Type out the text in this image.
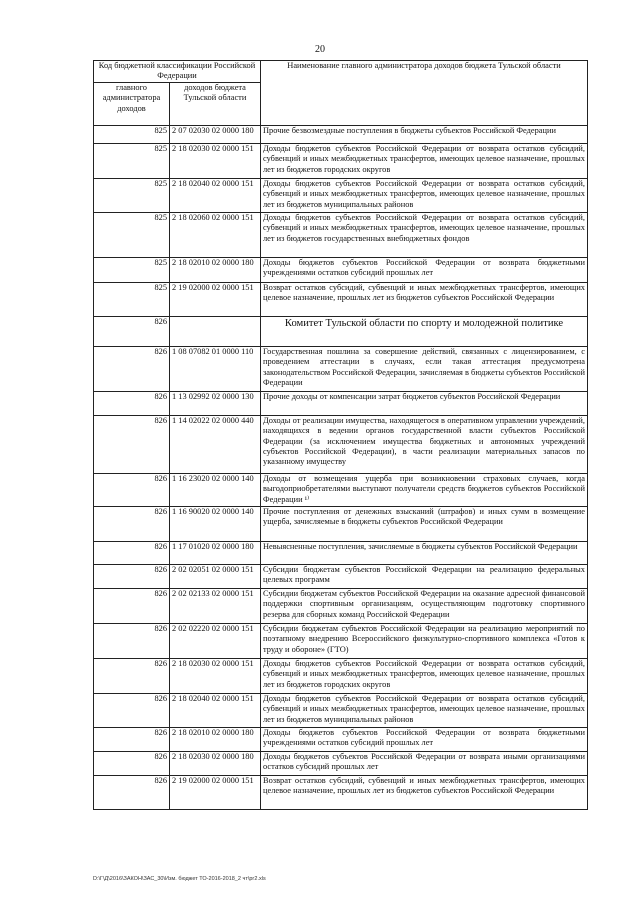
20
Код бюджетной классификации Российской Федерации		Наименование главного администратора доходов бюджета Тульской области
главного администратора доходов	доходов бюджета Тульской области	
825	2 07 02030 02 0000 180	Прочие безвозмездные поступления в бюджеты субъектов Российской Федерации
825	2 18 02030 02 0000 151	Доходы бюджетов субъектов Российской Федерации от возврата остатков субсидий, субвенций и иных межбюджетных трансфертов, имеющих целевое назначение, прошлых лет из бюджетов городских округов
825	2 18 02040 02 0000 151	Доходы бюджетов субъектов Российской Федерации от возврата остатков субсидий, субвенций и иных межбюджетных трансфертов, имеющих целевое назначение, прошлых лет из бюджетов муниципальных районов
825	2 18 02060 02 0000 151	Доходы бюджетов субъектов Российской Федерации от возврата остатков субсидий, субвенций и иных межбюджетных трансфертов, имеющих целевое назначение, прошлых лет из бюджетов государственных внебюджетных фондов
825	2 18 02010 02 0000 180	Доходы бюджетов субъектов Российской Федерации от возврата бюджетными учреждениями остатков субсидий прошлых лет
825	2 19 02000 02 0000 151	Возврат остатков субсидий, субвенций и иных межбюджетных трансфертов, имеющих целевое назначение, прошлых лет из бюджетов субъектов Российской Федерации
826		Комитет Тульской области по спорту и молодежной политике
826	1 08 07082 01 0000 110	Государственная пошлина за совершение действий, связанных с лицензированием, с проведением аттестации в случаях, если такая аттестация предусмотрена законодательством Российской Федерации, зачисляемая в бюджеты субъектов Российской Федерации
826	1 13 02992 02 0000 130	Прочие доходы от компенсации затрат бюджетов субъектов Российской Федерации
826	1 14 02022 02 0000 440	Доходы от реализации имущества, находящегося в оперативном управлении учреждений, находящихся в ведении органов государственной власти субъектов Российской Федерации (за исключением имущества бюджетных и автономных учреждений субъектов Российской Федерации), в части реализации материальных запасов по указанному имуществу
826	1 16 23020 02 0000 140	Доходы от возмещения ущерба при возникновении страховых случаев, когда выгодоприобретателями выступают получатели средств бюджетов субъектов Российской Федерации ¹⁾
826	1 16 90020 02 0000 140	Прочие поступления от денежных взысканий (штрафов) и иных сумм в возмещение ущерба, зачисляемые в бюджеты субъектов Российской Федерации
826	1 17 01020 02 0000 180	Невыясненные поступления, зачисляемые в бюджеты субъектов Российской Федерации
826	2 02 02051 02 0000 151	Субсидии бюджетам субъектов Российской Федерации на реализацию федеральных целевых программ
826	2 02 02133 02 0000 151	Субсидии бюджетам субъектов Российской Федерации на оказание адресной финансовой поддержки спортивным организациям, осуществляющим подготовку спортивного резерва для сборных команд Российской Федерации
826	2 02 02220 02 0000 151	Субсидии бюджетам субъектов Российской Федерации на реализацию мероприятий по поэтапному внедрению Всероссийского физкультурно-спортивного комплекса «Готов к труду и обороне» (ГТО)
826	2 18 02030 02 0000 151	Доходы бюджетов субъектов Российской Федерации от возврата остатков субсидий, субвенций и иных межбюджетных трансфертов, имеющих целевое назначение, прошлых лет из бюджетов городских округов
826	2 18 02040 02 0000 151	Доходы бюджетов субъектов Российской Федерации от возврата остатков субсидий, субвенций и иных межбюджетных трансфертов, имеющих целевое назначение, прошлых лет из бюджетов муниципальных районов
826	2 18 02010 02 0000 180	Доходы бюджетов субъектов Российской Федерации от возврата бюджетными учреждениями остатков субсидий прошлых лет
826	2 18 02030 02 0000 180	Доходы бюджетов субъектов Российской Федерации от возврата иными организациями остатков субсидий прошлых лет
826	2 19 02000 02 0000 151	Возврат остатков субсидий, субвенций и иных межбюджетных трансфертов, имеющих целевое назначение, прошлых лет из бюджетов субъектов Российской Федерации
D:\Г\Д\2016\ЗАКОН\ЗАС_30\Изм. бюджет ТО-2016-2018_2 чт\рг2.xls
